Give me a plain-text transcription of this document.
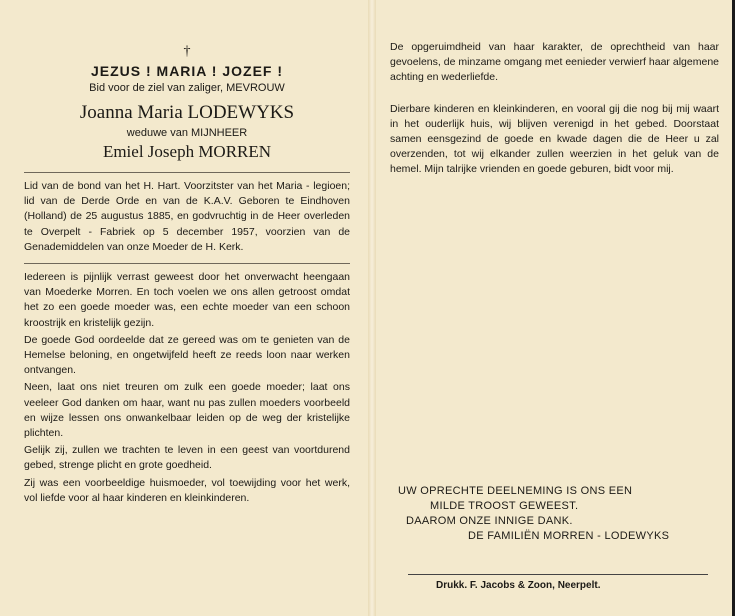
†
JEZUS ! MARIA ! JOZEF !
Bid voor de ziel van zaliger, MEVROUW
Joanna Maria LODEWYKS
weduwe van MIJNHEER
Emiel Joseph MORREN
Lid van de bond van het H. Hart. Voorzitster van het Maria - legioen; lid van de Derde Orde en van de K.A.V. Geboren te Eindhoven (Holland) de 25 augustus 1885, en godvruchtig in de Heer overleden te Overpelt - Fabriek op 5 december 1957, voorzien van de Genademiddelen van onze Moeder de H. Kerk.

Iedereen is pijnlijk verrast geweest door het onverwacht heengaan van Moederke Morren. En toch voelen we ons allen getroost omdat het zo een goede moeder was, een echte moeder van een schoon kroostrijk en kristelijk gezijn.

De goede God oordeelde dat ze gereed was om te genieten van de Hemelse beloning, en ongetwijfeld heeft ze reeds loon naar werken ontvangen.

Neen, laat ons niet treuren om zulk een goede moeder; laat ons veeleer God danken om haar, want nu pas zullen moeders voorbeeld en wijze lessen ons onwankelbaar leiden op de weg der kristelijke plichten.

Gelijk zij, zullen we trachten te leven in een geest van voortdurend gebed, strenge plicht en grote goedheid.

Zij was een voorbeeldige huismoeder, vol toewijding voor het werk, vol liefde voor al haar kinderen en kleinkinderen.

De opgeruimdheid van haar karakter, de oprechtheid van haar gevoelens, de minzame omgang met eenieder verwierf haar algemene achting en wederliefde.

Dierbare kinderen en kleinkinderen, en vooral gij die nog bij mij waart in het ouderlijk huis, wij blijven verenigd in het gebed. Doorstaat samen eensgezind de goede en kwade dagen die de Heer u zal overzenden, tot wij elkander zullen weerzien in het geluk van de hemel. Mijn talrijke vrienden en goede geburen, bidt voor mij.

UW OPRECHTE DEELNEMING IS ONS EEN
MILDE TROOST GEWEEST.
DAAROM ONZE INNIGE DANK.
DE FAMILIËN MORREN - LODEWYKS
Drukk. F. Jacobs & Zoon, Neerpelt.
